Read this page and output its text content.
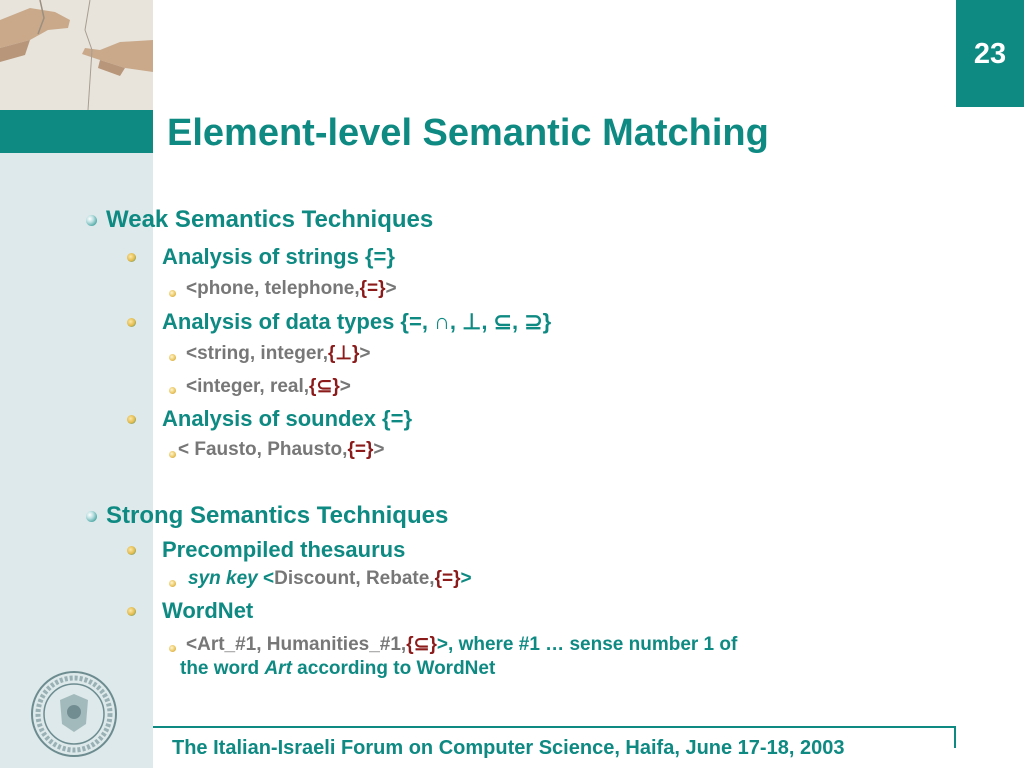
23
Element-level Semantic Matching
Weak Semantics Techniques
Analysis of strings {=}
<phone, telephone,{=}>
Analysis of data types {=, ∩, ⊥, ⊆, ⊇}
<string, integer,{⊥}>
<integer, real,{⊆}>
Analysis of soundex {=}
< Fausto, Phausto,{=}>
Strong Semantics Techniques
Precompiled thesaurus
syn key <Discount, Rebate,{=}>
WordNet
<Art_#1, Humanities_#1,{⊆}>, where #1 … sense number 1 of
the word Art according to WordNet
The Italian-Israeli Forum on Computer Science, Haifa, June 17-18, 2003
